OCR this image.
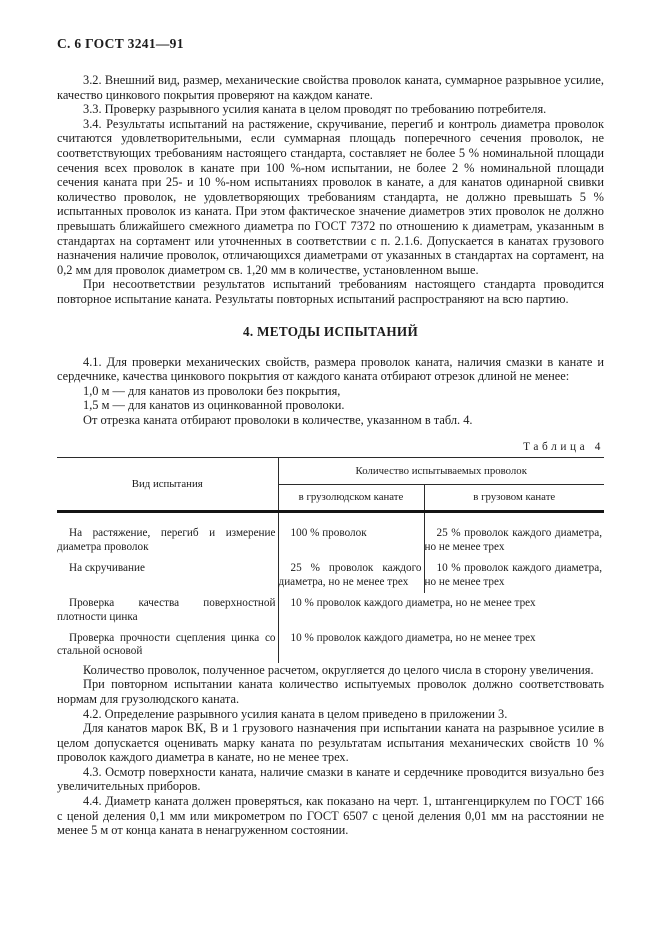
С. 6 ГОСТ 3241—91

3.2. Внешний вид, размер, механические свойства проволок каната, суммарное разрывное усилие, качество цинкового покрытия проверяют на каждом канате.

3.3. Проверку разрывного усилия каната в целом проводят по требованию потребителя.

3.4. Результаты испытаний на растяжение, скручивание, перегиб и контроль диаметра проволок считаются удовлетворительными, если суммарная площадь поперечного сечения проволок, не соответствующих требованиям настоящего стандарта, составляет не более 5 % номинальной площади сечения всех проволок в канате при 100 %-ном испытании, не более 2 % номинальной площади сечения каната при 25- и 10 %-ном испытаниях проволок в канате, а для канатов одинарной свивки количество проволок, не удовлетворяющих требованиям стандарта, не должно превышать 5 % испытанных проволок из каната. При этом фактическое значение диаметров этих проволок не должно превышать ближайшего смежного диаметра по ГОСТ 7372 по отношению к диаметрам, указанным в стандартах на сортамент или уточненных в соответствии с п. 2.1.6. Допускается в канатах грузового назначения наличие проволок, отличающихся диаметрами от указанных в стандартах на сортамент, на 0,2 мм для проволок диаметром св. 1,20 мм в количестве, установленном выше.

При несоответствии результатов испытаний требованиям настоящего стандарта проводится повторное испытание каната. Результаты повторных испытаний распространяют на всю партию.

4. МЕТОДЫ ИСПЫТАНИЙ

4.1. Для проверки механических свойств, размера проволок каната, наличия смазки в канате и сердечнике, качества цинкового покрытия от каждого каната отбирают отрезок длиной не менее:

1,0 м — для канатов из проволоки без покрытия,

1,5 м — для канатов из оцинкованной проволоки.

От отрезка каната отбирают проволоки в количестве, указанном в табл. 4.

Таблица 4
Вид испытания	Количество испытываемых проволок	
	в грузолюдском канате	в грузовом канате

На растяжение, перегиб и измерение диаметра проволок	100 % проволок	25 % проволок каждого диаметра, но не менее трех

На скручивание	25 % проволок каждого диаметра, но не менее трех	10 % проволок каждого диаметра, но не менее трех

Проверка качества поверхностной плотности цинка	10 % проволок каждого диаметра, но не менее трех	

Проверка прочности сцепления цинка со стальной основой	10 % проволок каждого диаметра, но не менее трех	

Количество проволок, полученное расчетом, округляется до целого числа в сторону увеличения.

При повторном испытании каната количество испытуемых проволок должно соответствовать нормам для грузолюдского каната.

4.2. Определение разрывного усилия каната в целом приведено в приложении 3.

Для канатов марок ВК, В и 1 грузового назначения при испытании каната на разрывное усилие в целом допускается оценивать марку каната по результатам испытания механических свойств 10 % проволок каждого диаметра в канате, но не менее трех.

4.3. Осмотр поверхности каната, наличие смазки в канате и сердечнике проводится визуально без увеличительных приборов.

4.4. Диаметр каната должен проверяться, как показано на черт. 1, штангенциркулем по ГОСТ 166 с ценой деления 0,1 мм или микрометром по ГОСТ 6507 с ценой деления 0,01 мм на расстоянии не менее 5 м от конца каната в ненагруженном состоянии.
